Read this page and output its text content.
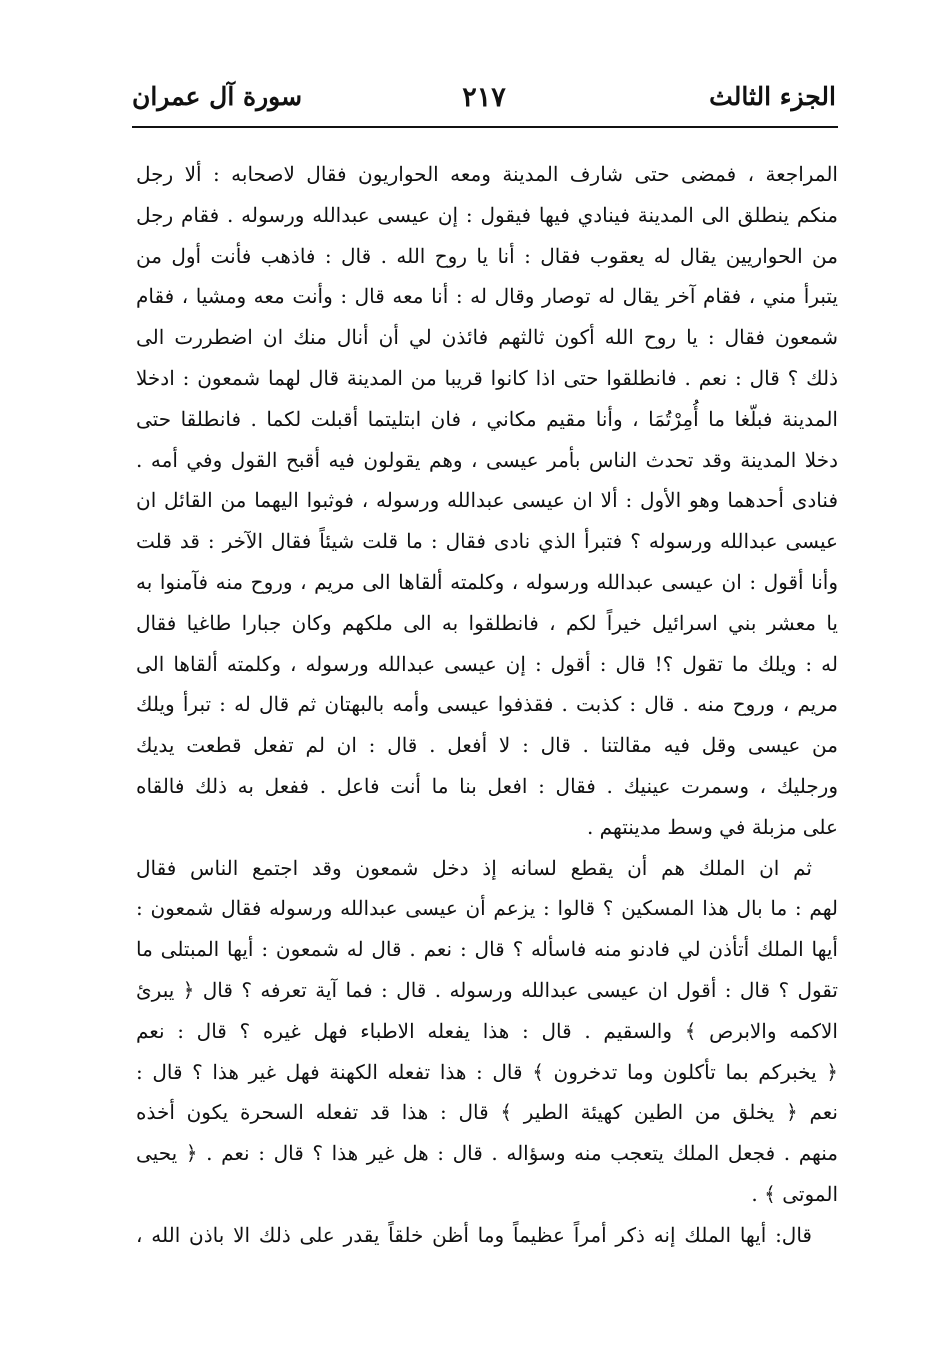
الجزء الثالث
٢١٧
سورة آل عمران
المراجعة ، فمضى حتى شارف المدينة ومعه الحواريون فقال لاصحابه : ألا رجل
منكم ينطلق الى المدينة فينادي فيها فيقول : إن عيسى عبدالله ورسوله . فقام رجل
من الحواريين يقال له يعقوب فقال : أنا يا روح الله . قال : فاذهب فأنت أول من
يتبرأ مني ، فقام آخر يقال له توصار وقال له : أنا معه قال : وأنت معه ومشيا ، فقام
شمعون فقال : يا روح الله أكون ثالثهم فائذن لي أن أنال منك ان اضطررت الى
ذلك ؟ قال : نعم . فانطلقوا حتى اذا كانوا قريبا من المدينة قال لهما شمعون : ادخلا
المدينة فبلّغا ما أُمِرْتُمَا ، وأنا مقيم مكاني ، فان ابتليتما أقبلت لكما . فانطلقا حتى
دخلا المدينة وقد تحدث الناس بأمر عيسى ، وهم يقولون فيه أقبح القول وفي أمه .
فنادى أحدهما وهو الأول : ألا ان عيسى عبدالله ورسوله ، فوثبوا اليهما من القائل ان
عيسى عبدالله ورسوله ؟ فتبرأ الذي نادى فقال : ما قلت شيئاً فقال الآخر : قد قلت
وأنا أقول : ان عيسى عبدالله ورسوله ، وكلمته ألقاها الى مريم ، وروح منه فآمنوا به
يا معشر بني اسرائيل خيراً لكم ، فانطلقوا به الى ملكهم وكان جبارا طاغيا فقال
له : ويلك ما تقول ؟! قال : أقول : إن عيسى عبدالله ورسوله ، وكلمته ألقاها الى
مريم ، وروح منه . قال : كذبت . فقذفوا عيسى وأمه بالبهتان ثم قال له : تبرأ ويلك
من عيسى وقل فيه مقالتنا . قال : لا أفعل . قال : ان لم تفعل قطعت يديك
ورجليك ، وسمرت عينيك . فقال : افعل بنا ما أنت فاعل . ففعل به ذلك فالقاه
على مزبلة في وسط مدينتهم .
ثم ان الملك هم أن يقطع لسانه إذ دخل شمعون وقد اجتمع الناس فقال
لهم : ما بال هذا المسكين ؟ قالوا : يزعم أن عيسى عبدالله ورسوله فقال شمعون :
أيها الملك أتأذن لي فادنو منه فاسأله ؟ قال : نعم . قال له شمعون : أيها المبتلى ما
تقول ؟ قال : أقول ان عيسى عبدالله ورسوله . قال : فما آية تعرفه ؟ قال ﴿ يبرئ
الاكمه والابرص ﴾ والسقيم . قال : هذا يفعله الاطباء فهل غيره ؟ قال : نعم
﴿ يخبركم بما تأكلون وما تدخرون ﴾ قال : هذا تفعله الكهنة فهل غير هذا ؟ قال :
نعم ﴿ يخلق من الطين كهيئة الطير ﴾ قال : هذا قد تفعله السحرة يكون أخذه
منهم . فجعل الملك يتعجب منه وسؤاله . قال : هل غير هذا ؟ قال : نعم . ﴿ يحيى
الموتى ﴾ .
قال: أيها الملك إنه ذكر أمراً عظيماً وما أظن خلقاً يقدر على ذلك الا باذن الله ،
